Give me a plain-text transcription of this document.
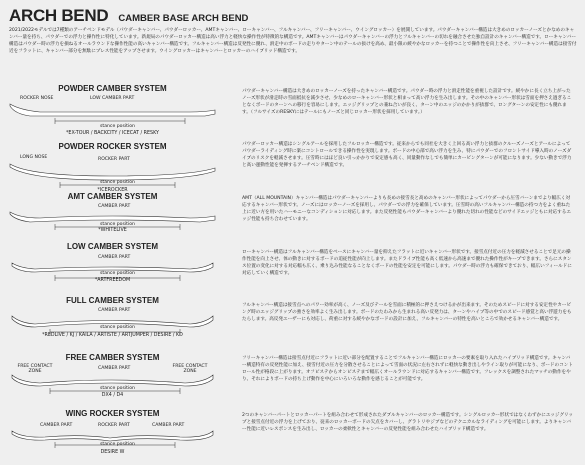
ARCH BEND CAMBER BASE ARCH BEND
2021/2022モデルでは7種類のアーチベンドモデル（パウダーキャンバー、パウダーロッカー、AMTキャンバー、ローキャンバー、フルキャンバー、フリーキャンバー、ウイングロッカー）を展開しています。パウダーキャンバー構造は大きめのロッカーノーズとかなめのキャンバー量を持ち、パウダーでの浮力と操作性に特化しています。新規局のパウダーロッカー構造は高い浮力と軽快な操作性が特徴的な構造です。AMTキャンバーはパウダーキャンバーの浮力とフルキャンバーの切れを融合させた独自設計のキャンバー構造です。ローキャンバー構造はパウダー時の浮力を損ねるオールラウンドな操作性能の高いキャンバー構造です。フルキャンバー構造は反発性に優れ、滑走中のボードの走りやターン中のテールの抜けを高め、最小限の緩やかなロッカーを持つことで操作性を向上させ、フリーキャンバー構造は接雪付近をフラットに、キャンバー部分を無駄にプレス性能をアップさせます。ウイングロッカーはキャンバーとロッカーのハイブリッド構造です。
POWDER CAMBER SYSTEM
ROCKER NOSE	LOW CAMBER PART
stance position
*EX-TOUR / BACKCITY / ICECAT / RESKY
パウダーキャンバー構造は大きめのロッカーノーズを持ったキャンバー構造です。パウダー時の浮力と滑走性能を重視した設計です。緩やかに長く立ち上がったノーズ形状が滑走時の雪面抵抗を減少させ、少なめのローキャンバー形状と相まって高い浮力を生み出します。その中のキャンバー形状は雪面を押さえ過ぎることなくボードのターンへの移行を容易にします。エッジグリップとの兼ね合いが良く、ターン中のエッジのかかりが抜群で、ロングターンの安定性にも優れます。（フルサイズのRESKYにはテールにもノーズと同じロッカー形状を採用しています。）
POWDER ROCKER SYSTEM
LONG NOSE	ROCKER PART
stance position
*ICEROCKER
パウダーロッカー構造はシングルアールを採用したフルロッカー構造です。従来からでも同社を大きく上回る高い浮力と抜群のクルーズノーズとアールによってパウダーライディング時に楽にコントロールできる操作性を実現します。ボードの中心部で高い浮力を生み、特にパウダーでのフロントサイド導入時のノーズダイブのリスクを軽減させます。圧雪時にはほど良い引っかかりで安定感も高く、同量動作なしでも簡単にカービングターンが可能になります。少ない動きで浮力と高い運動性能を発揮するアーチベンド構造です。
AMT CAMBER SYSTEM
CAMBER PART
stance position
*WHITELIVE
AMT（ALL MOUNTAIN）キャンバー構造はパウダーキャンバーよりも長めの接雪長と高めのキャンバー形状によってパウダーから圧雪バーンまでより幅広く対応するキャンバー形状です。ノーズにはロッカーノーズを採用し、パウダーでの浮力を確保しています。圧雪時の高いフルキャンバー構造の持つ力をよく重ねた上に近い方を用いたハーモニーなコンディションに対応します。また反発性能もパウダーキャンバーより優れた切れの性能などのサイドエッジともに対応するエッジ性能も持ち合わせています。
LOW CAMBER SYSTEM
CAMBER PART
stance position
*ARTFREEDOM
ローキャンバー構造はフルキャンバー構造をベースにキャンバー量を抑えたフラットに近いキャンバー形状です。接雪点付近の圧力を軽減させることで足元の操作性能を向上させ、体の動きに対するボードの追従性能が向上します。またドライブ性能も高く低速から高速まで優れた操作性がキープできます。さらにスタンス位置の変化に対する対応幅も広く、乗り込み性能なることなくボードの性能を安定を可能にします。パウダー時の浮力も確保できており、幅広いフィールドに対応していく構造です。
FULL CAMBER SYSTEM
CAMBER PART
stance position
*REDLIVE / KJ / KAILA / ARTISTE / ARTJUMPER / DESIRE / KD
フルキャンバー構造は接雪点へのパワー効率が高く、ノーズ及びテールを雪面に積極的に押さえつけるかが出来ます。そのためスピードに対する安定性やカービング時のエッジグリップの強さを効率よく生み出します。ボードのたわみから生まれる高い反発力は、ターンやハイプ等の中でのスピード感覚と高い浮遊力をもたらします。高反発ユーザーにも対応し、荷重に対する緩やかなボードの設計に加え、フルキャンバーの特性を高いところで効かせるキャンバー構造です。
FREE CAMBER SYSTEM
FREE CONTACT ZONE
CAMBER PART	FREE CONTACT ZONE
stance position
DX4 / D4
フリーキャンバー構造は接雪点付近にフラットに近い部分を配置することでフルキャンバー構造にロッカーの要素を取り入れたハイブリッド構造です。キャンバー構造特有の反発性能に加え、接雪付近の圧力を分散させることによって雪面の状況に左右されずに軽快な動き出しやライン取りが可能になり、ボードのコントロール性が格段に上がります。オフピステからオンピステまで幅広くオールラウンドに対応するキャンバー構造です。フレックスを調整されたマッチの動作をやり、それによりボードの持ち上げ動作を中心にいろいろな動作を感じることが可能です。
WING ROCKER SYSTEM
CAMBER PART	ROCKER PART	CAMBER PART
stance position
DESIRE W
2つのキャンバーパートとロッカーパートを組み合わせて形成されたダブルキャンバーのロッカー構造です。シングルロッカー形状ではなくわずかにエッジグリップと接雪点付近の浮力を上げており、従来のロッカーボードの欠点をカバーし、グラトリやジブなどのテクニカルなライディングを可能にします。よりキャンバー性能に近いレスポンスを生み出し、ロッカーの柔軟性とキャンバーの反発性能を組み合わせたハイブリッド構造です。
